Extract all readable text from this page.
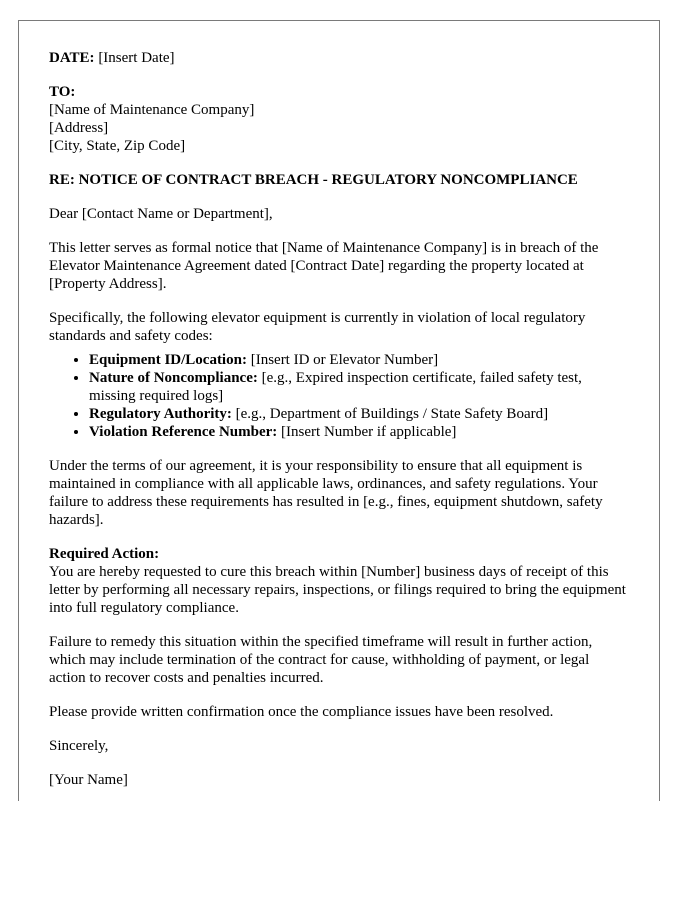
DATE: [Insert Date]
TO:
[Name of Maintenance Company]
[Address]
[City, State, Zip Code]
RE: NOTICE OF CONTRACT BREACH - REGULATORY NONCOMPLIANCE
Dear [Contact Name or Department],
This letter serves as formal notice that [Name of Maintenance Company] is in breach of the Elevator Maintenance Agreement dated [Contract Date] regarding the property located at [Property Address].
Specifically, the following elevator equipment is currently in violation of local regulatory standards and safety codes:
• Equipment ID/Location: [Insert ID or Elevator Number]
• Nature of Noncompliance: [e.g., Expired inspection certificate, failed safety test, missing required logs]
• Regulatory Authority: [e.g., Department of Buildings / State Safety Board]
• Violation Reference Number: [Insert Number if applicable]
Under the terms of our agreement, it is your responsibility to ensure that all equipment is maintained in compliance with all applicable laws, ordinances, and safety regulations. Your failure to address these requirements has resulted in [e.g., fines, equipment shutdown, safety hazards].
Required Action:
You are hereby requested to cure this breach within [Number] business days of receipt of this letter by performing all necessary repairs, inspections, or filings required to bring the equipment into full regulatory compliance.
Failure to remedy this situation within the specified timeframe will result in further action, which may include termination of the contract for cause, withholding of payment, or legal action to recover costs and penalties incurred.
Please provide written confirmation once the compliance issues have been resolved.
Sincerely,
[Your Name]
